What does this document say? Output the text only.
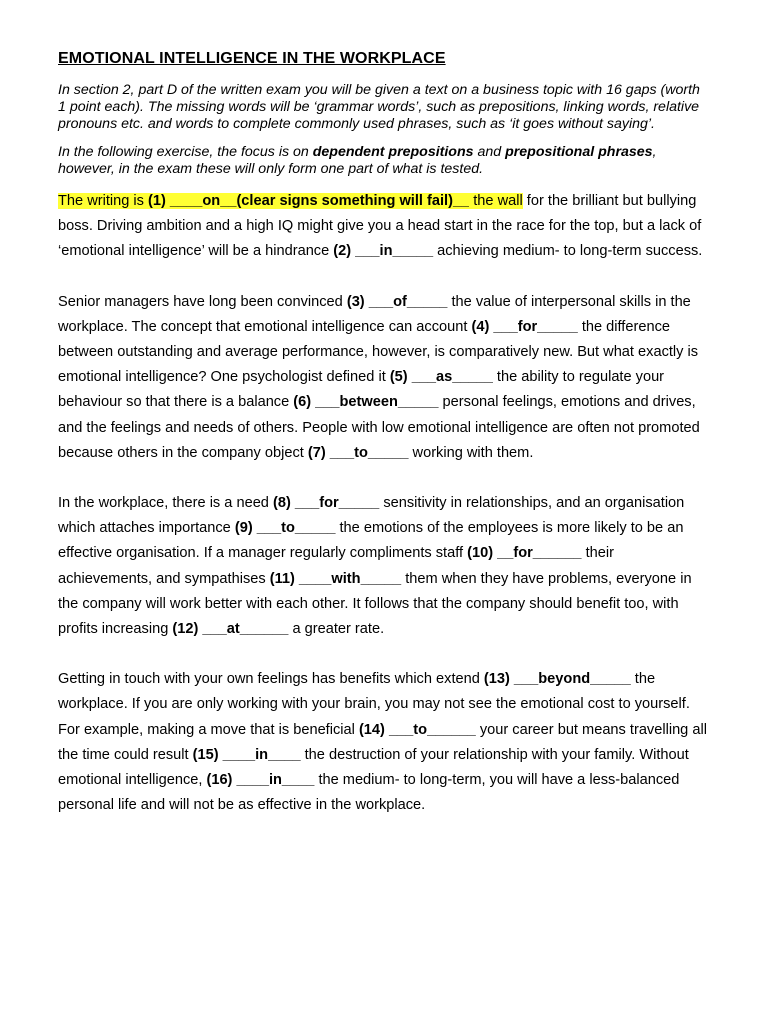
EMOTIONAL INTELLIGENCE IN THE WORKPLACE

In section 2, part D of the written exam you will be given a text on a business topic with 16 gaps (worth 1 point each). The missing words will be ‘grammar words’, such as prepositions, linking words, relative pronouns etc. and words to complete commonly used phrases, such as ‘it goes without saying’.

In the following exercise, the focus is on dependent prepositions and prepositional phrases, however, in the exam these will only form one part of what is tested.

The writing is (1) ____on__(clear signs something will fail)__ the wall for the brilliant but bullying boss. Driving ambition and a high IQ might give you a head start in the race for the top, but a lack of ‘emotional intelligence’ will be a hindrance (2) ___in_____ achieving medium- to long-term success.

Senior managers have long been convinced (3) ___of_____ the value of interpersonal skills in the workplace. The concept that emotional intelligence can account (4) ___for_____ the difference between outstanding and average performance, however, is comparatively new. But what exactly is emotional intelligence? One psychologist defined it (5) ___as_____ the ability to regulate your behaviour so that there is a balance (6) ___between_____ personal feelings, emotions and drives, and the feelings and needs of others. People with low emotional intelligence are often not promoted because others in the company object (7) ___to_____ working with them.

In the workplace, there is a need (8) ___for_____ sensitivity in relationships, and an organisation which attaches importance (9) ___to_____ the emotions of the employees is more likely to be an effective organisation. If a manager regularly compliments staff (10) __for______ their achievements, and sympathises (11) ____with_____ them when they have problems, everyone in the company will work better with each other. It follows that the company should benefit too, with profits increasing (12) ___at______ a greater rate.

Getting in touch with your own feelings has benefits which extend (13) ___beyond_____ the workplace. If you are only working with your brain, you may not see the emotional cost to yourself. For example, making a move that is beneficial (14) ___to______ your career but means travelling all the time could result (15) ____in____ the destruction of your relationship with your family. Without emotional intelligence, (16) ____in____ the medium- to long-term, you will have a less-balanced personal life and will not be as effective in the workplace.
